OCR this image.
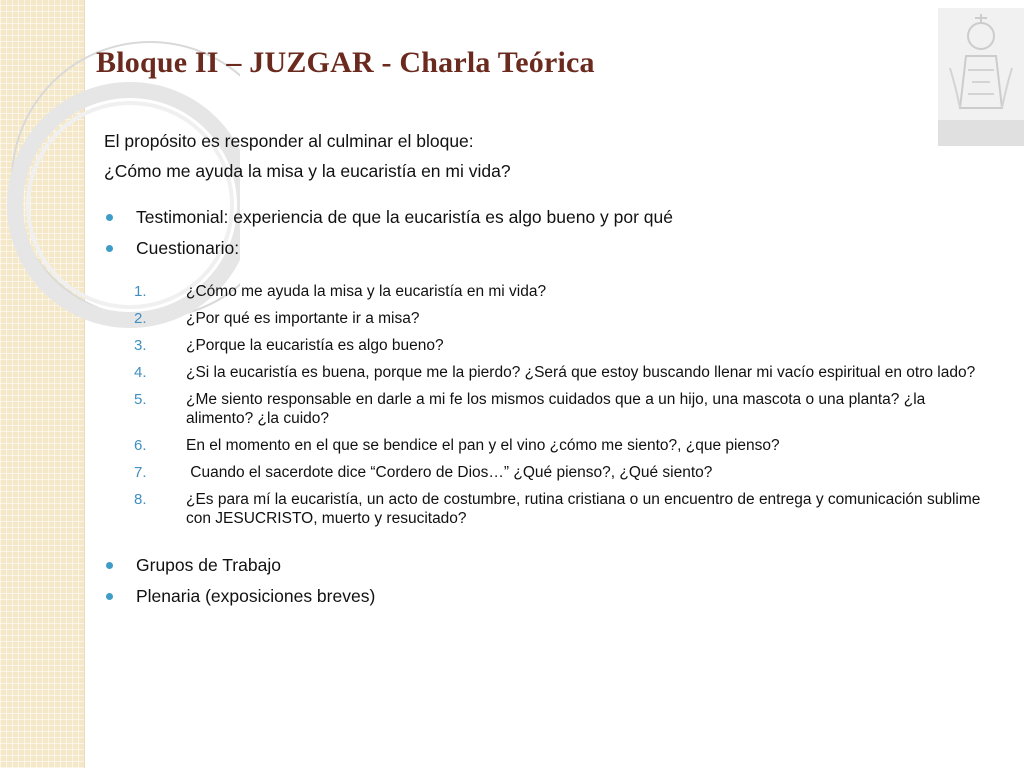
Bloque II – JUZGAR - Charla Teórica
El propósito es responder al culminar el bloque:
¿Cómo me ayuda la misa y la eucaristía en mi vida?
Testimonial: experiencia de que la eucaristía es algo bueno y por qué
Cuestionario:
1.	¿Cómo me ayuda la misa y la eucaristía en mi vida?
2.	¿Por qué es importante ir a misa?
3.	¿Porque la eucaristía es algo bueno?
4.	¿Si la eucaristía es buena, porque me la pierdo? ¿Será que estoy buscando llenar mi vacío espiritual en otro lado?
5.	¿Me siento responsable en darle a mi fe los mismos cuidados que a un hijo, una mascota o una planta? ¿la alimento? ¿la cuido?
6.	En el momento en el que se bendice el pan y el vino ¿cómo me siento?, ¿que pienso?
7.	Cuando el sacerdote dice “Cordero de Dios…” ¿Qué pienso?, ¿Qué siento?
8.	¿Es para mí la eucaristía, un acto de costumbre, rutina cristiana o un encuentro de entrega y comunicación sublime con JESUCRISTO, muerto y resucitado?
Grupos de Trabajo
Plenaria (exposiciones breves)
